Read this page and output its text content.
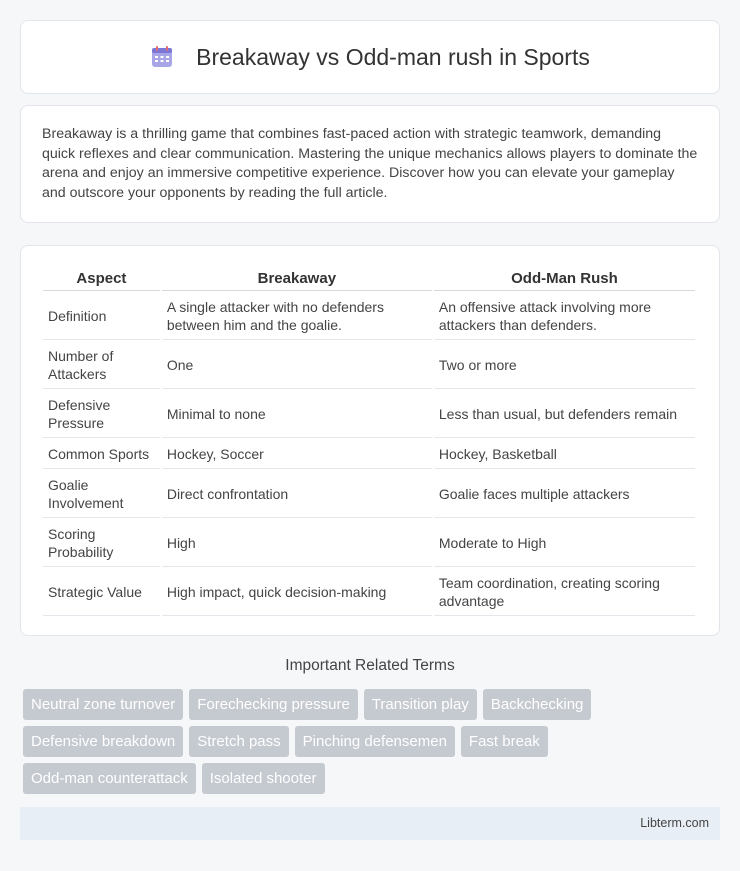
Breakaway vs Odd-man rush in Sports

Breakaway is a thrilling game that combines fast-paced action with strategic teamwork, demanding quick reflexes and clear communication. Mastering the unique mechanics allows players to dominate the arena and enjoy an immersive competitive experience. Discover how you can elevate your gameplay and outscore your opponents by reading the full article.

Aspect	Breakaway	Odd-Man Rush
Definition	A single attacker with no defenders between him and the goalie.	An offensive attack involving more attackers than defenders.
Number of Attackers	One	Two or more
Defensive Pressure	Minimal to none	Less than usual, but defenders remain
Common Sports	Hockey, Soccer	Hockey, Basketball
Goalie Involvement	Direct confrontation	Goalie faces multiple attackers
Scoring Probability	High	Moderate to High
Strategic Value	High impact, quick decision-making	Team coordination, creating scoring advantage
Important Related Terms
Neutral zone turnover	Forechecking pressure	Transition play	Backchecking
Defensive breakdown	Stretch pass	Pinching defensemen	Fast break
Odd-man counterattack	Isolated shooter
Libterm.com
